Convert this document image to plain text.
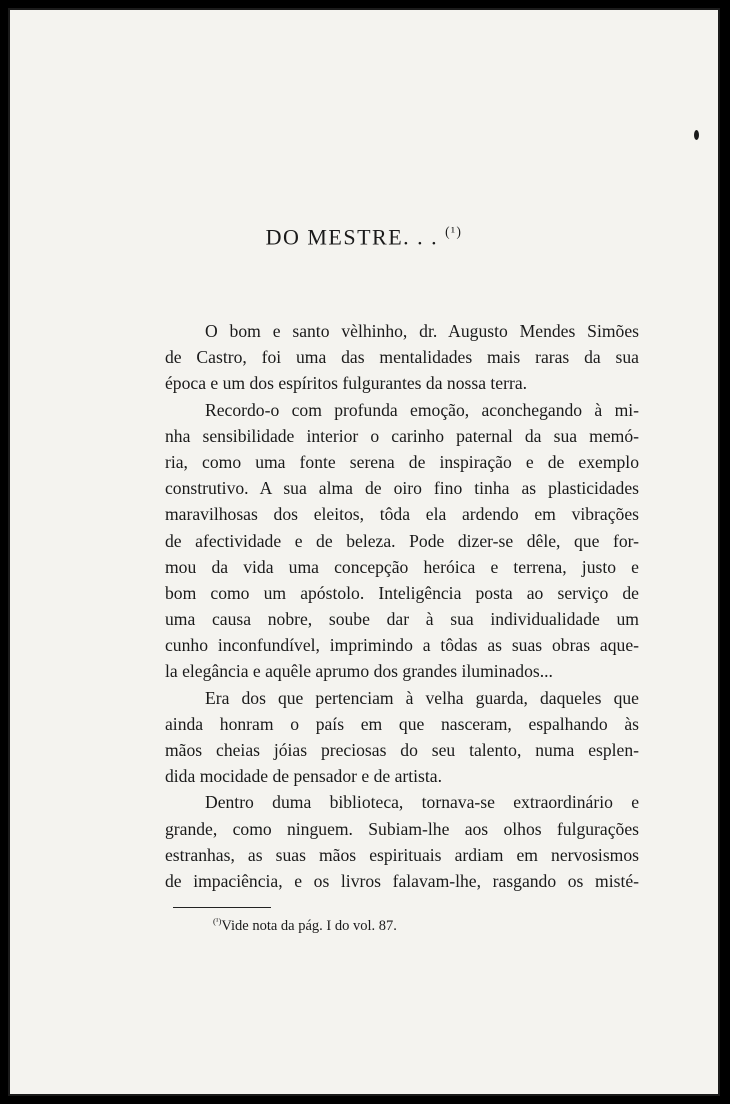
DO MESTRE. . . $^{(^1)}$
O bom e santo vèlhinho, dr. Augusto Mendes Simões
de Castro, foi uma das mentalidades mais raras da sua
época e um dos espíritos fulgurantes da nossa terra.
Recordo-o com profunda emoção, aconchegando à mi-
nha sensibilidade interior o carinho paternal da sua memó-
ria, como uma fonte serena de inspiração e de exemplo
construtivo. A sua alma de oiro fino tinha as plasticidades
maravilhosas dos eleitos, tôda ela ardendo em vibrações
de afectividade e de beleza. Pode dizer-se dêle, que for-
mou da vida uma concepção heróica e terrena, justo e
bom como um apóstolo. Inteligência posta ao serviço de
uma causa nobre, soube dar à sua individualidade um
cunho inconfundível, imprimindo a tôdas as suas obras aque-
la elegância e aquêle aprumo dos grandes iluminados...
Era dos que pertenciam à velha guarda, daqueles que
ainda honram o país em que nasceram, espalhando às
mãos cheias jóias preciosas do seu talento, numa esplen-
dida mocidade de pensador e de artista.
Dentro duma biblioteca, tornava-se extraordinário e
grande, como ninguem. Subiam-lhe aos olhos fulgurações
estranhas, as suas mãos espirituais ardiam em nervosismos
de impaciência, e os livros falavam-lhe, rasgando os misté-
$^{(^1)}$Vide nota da pág. I do vol. 87.
